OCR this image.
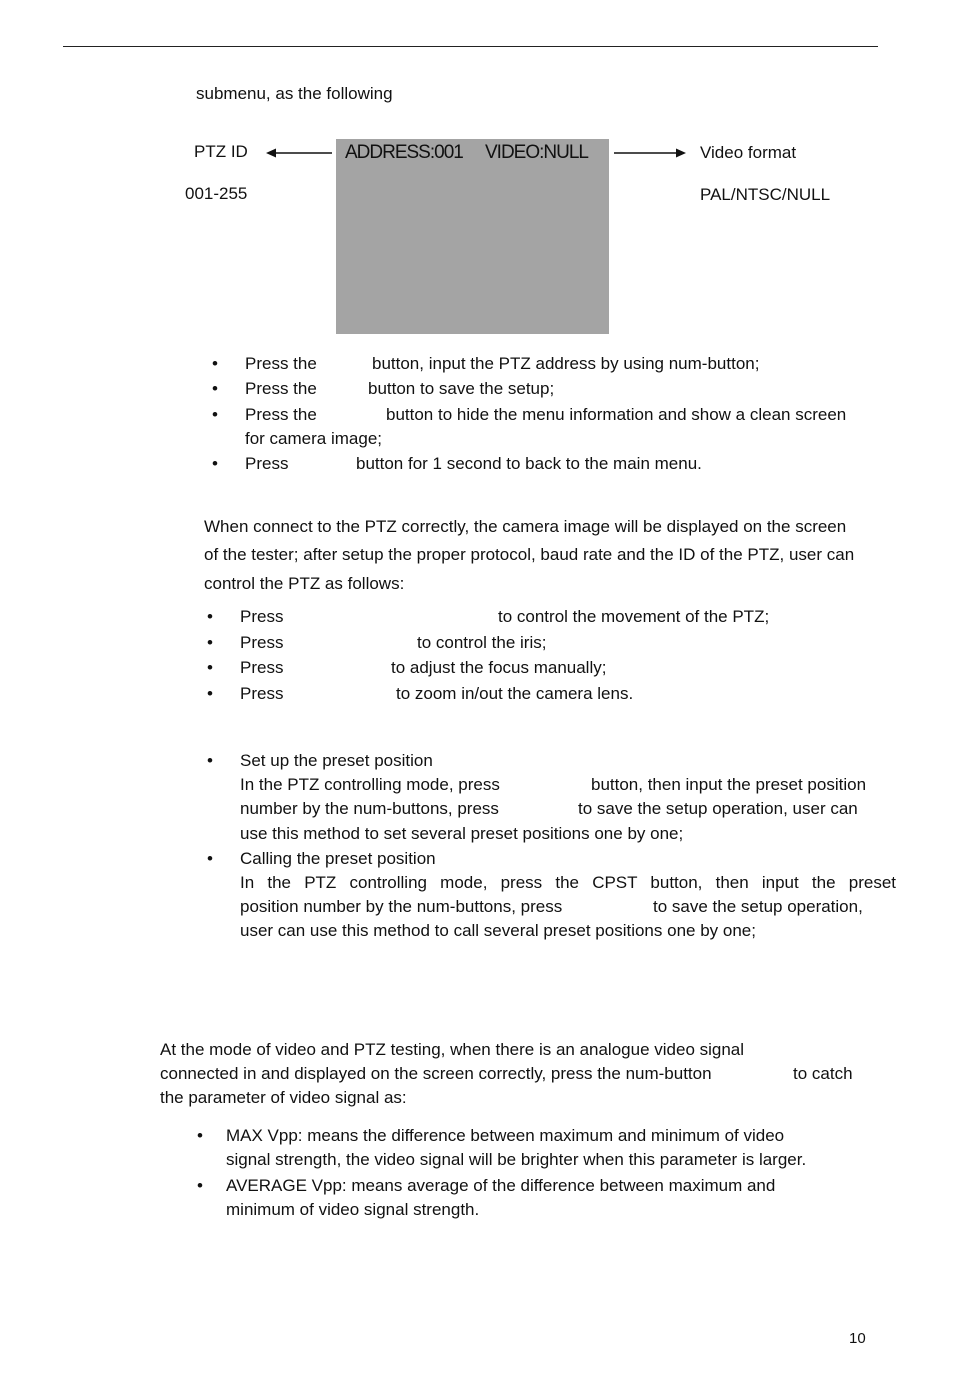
submenu, as the following
PTZ ID
001-255
ADDRESS:001 VIDEO:NULL	Video format
PAL/NTSC/NULL
• Press the	button, input the PTZ address by using num-button;
• Press the	button to save the setup;
• Press the	button to hide the menu information and show a clean screen
for camera image;
• Press	button for 1 second to back to the main menu.
When connect to the PTZ correctly, the camera image will be displayed on the screen
of the tester; after setup the proper protocol, baud rate and the ID of the PTZ, user can
control the PTZ as follows:
• Press	to control the movement of the PTZ;
• Press	to control the iris;
• Press	to adjust the focus manually;
• Press	to zoom in/out the camera lens.
• Set up the preset position
In the PTZ controlling mode, press	button, then input the preset position
number by the num-buttons, press	to save the setup operation, user can
use this method to set several preset positions one by one;
• Calling the preset position
In the PTZ controlling mode, press the CPST button, then input the preset
position number by the num-buttons, press	to save the setup operation,
user can use this method to call several preset positions one by one;
At the mode of video and PTZ testing, when there is an analogue video signal
connected in and displayed on the screen correctly, press the num-button	to catch
the parameter of video signal as:
• MAX Vpp: means the difference between maximum and minimum of video
signal strength, the video signal will be brighter when this parameter is larger.
• AVERAGE Vpp: means average of the difference between maximum and
minimum of video signal strength.
10
